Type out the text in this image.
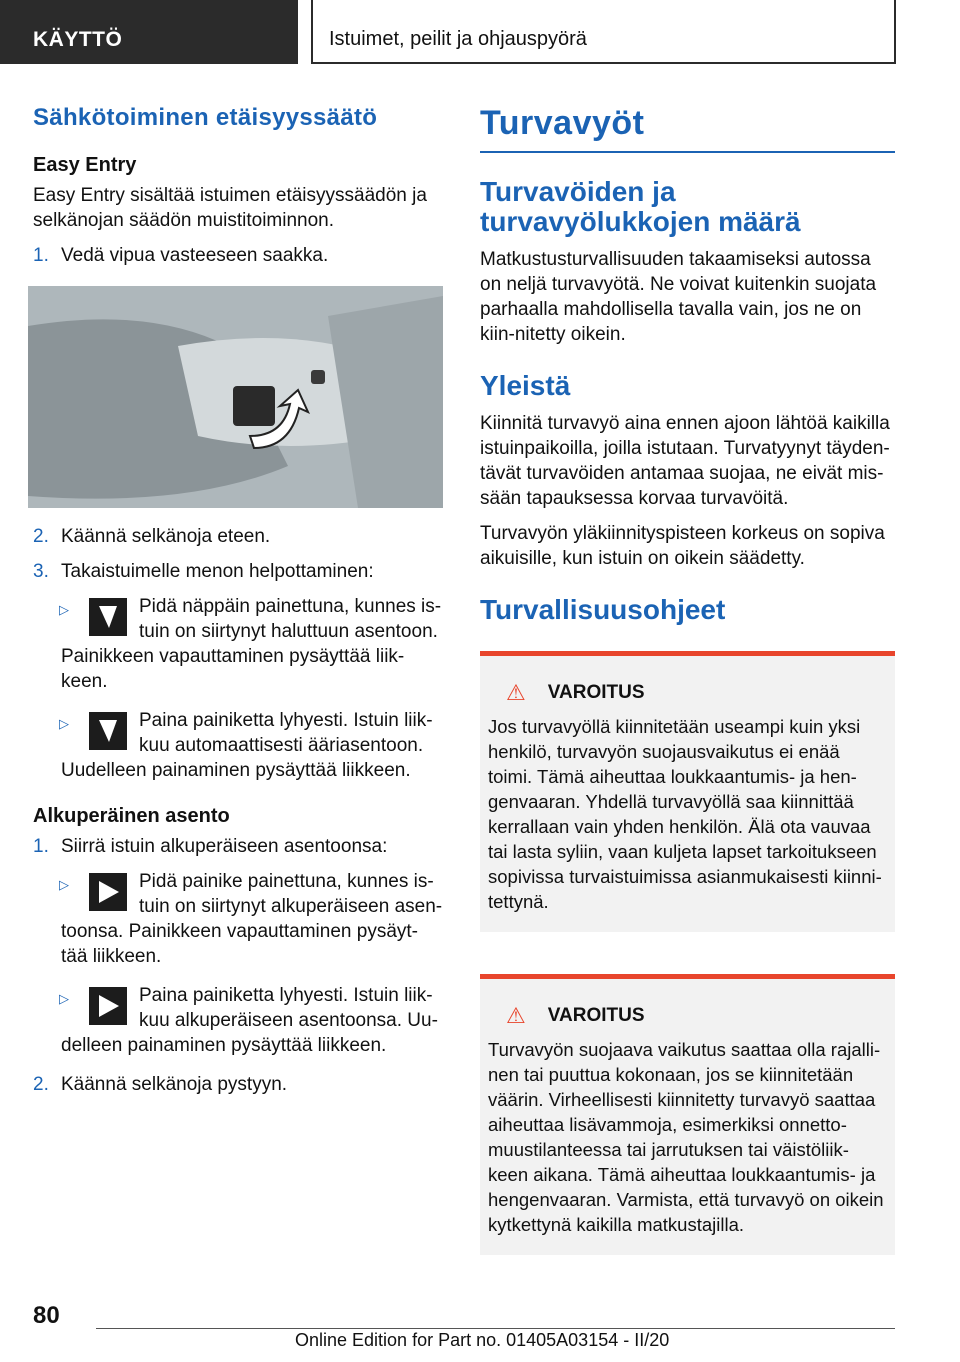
KÄYTTÖ	Istuimet, peilit ja ohjauspyörä
Sähkötoiminen etäisyyssäätö
Easy Entry

Easy Entry sisältää istuimen etäisyyssäädön ja selkänojan säädön muistitoiminnon.

1. Vedä vipua vasteeseen saakka.
2. Käännä selkänoja eteen.
3. Takaistuimelle menon helpottaminen:
▷	Pidä näppäin painettuna, kunnes is-
tuin on siirtynyt haluttuun asentoon.
Painikkeen vapauttaminen pysäyttää liik-keen.
▷	Paina painiketta lyhyesti. Istuin liik-
kuu automaattisesti ääriasentoon.
Uudelleen painaminen pysäyttää liikkeen.
Alkuperäinen asento
1. Siirrä istuin alkuperäiseen asentoonsa:
▷	Pidä painike painettuna, kunnes is-
tuin on siirtynyt alkuperäiseen asen-
toonsa. Painikkeen vapauttaminen pysäyt-tää liikkeen.
▷	Paina painiketta lyhyesti. Istuin liik-
kuu alkuperäiseen asentoonsa. Uu-
delleen painaminen pysäyttää liikkeen.
2. Käännä selkänoja pystyyn.
Turvavyöt
Turvavöiden ja turvavyölukkojen määrä

Matkustusturvallisuuden takaamiseksi autossa on neljä turvavyötä. Ne voivat kuitenkin suojata parhaalla mahdollisella tavalla vain, jos ne on kiin-nitetty oikein.

Yleistä

Kiinnitä turvavyö aina ennen ajoon lähtöä kaikilla istuinpaikoilla, joilla istutaan. Turvatyynyt täyden-tävät turvavöiden antamaa suojaa, ne eivät mis-sään tapauksessa korvaa turvavöitä.

Turvavyön yläkiinnityspisteen korkeus on sopiva aikuisille, kun istuin on oikein säädetty.

Turvallisuusohjeet
⚠ VAROITUS

Jos turvavyöllä kiinnitetään useampi kuin yksi henkilö, turvavyön suojausvaikutus ei enää toimi. Tämä aiheuttaa loukkaantumis- ja hen-genvaaran. Yhdellä turvavyöllä saa kiinnittää kerrallaan vain yhden henkilön. Älä ota vauvaa tai lasta syliin, vaan kuljeta lapset tarkoitukseen sopivissa turvaistuimissa asianmukaisesti kiinni-tettynä.

⚠ VAROITUS

Turvavyön suojaava vaikutus saattaa olla rajalli-nen tai puuttua kokonaan, jos se kiinnitetään väärin. Virheellisesti kiinnitetty turvavyö saattaa aiheuttaa lisävammoja, esimerkiksi onnetto-muustilanteessa tai jarrutuksen tai väistöliik-keen aikana. Tämä aiheuttaa loukkaantumis- ja hengenvaaran. Varmista, että turvavyö on oikein kytkettynä kaikilla matkustajilla.

80
Online Edition for Part no. 01405A03154 - II/20
